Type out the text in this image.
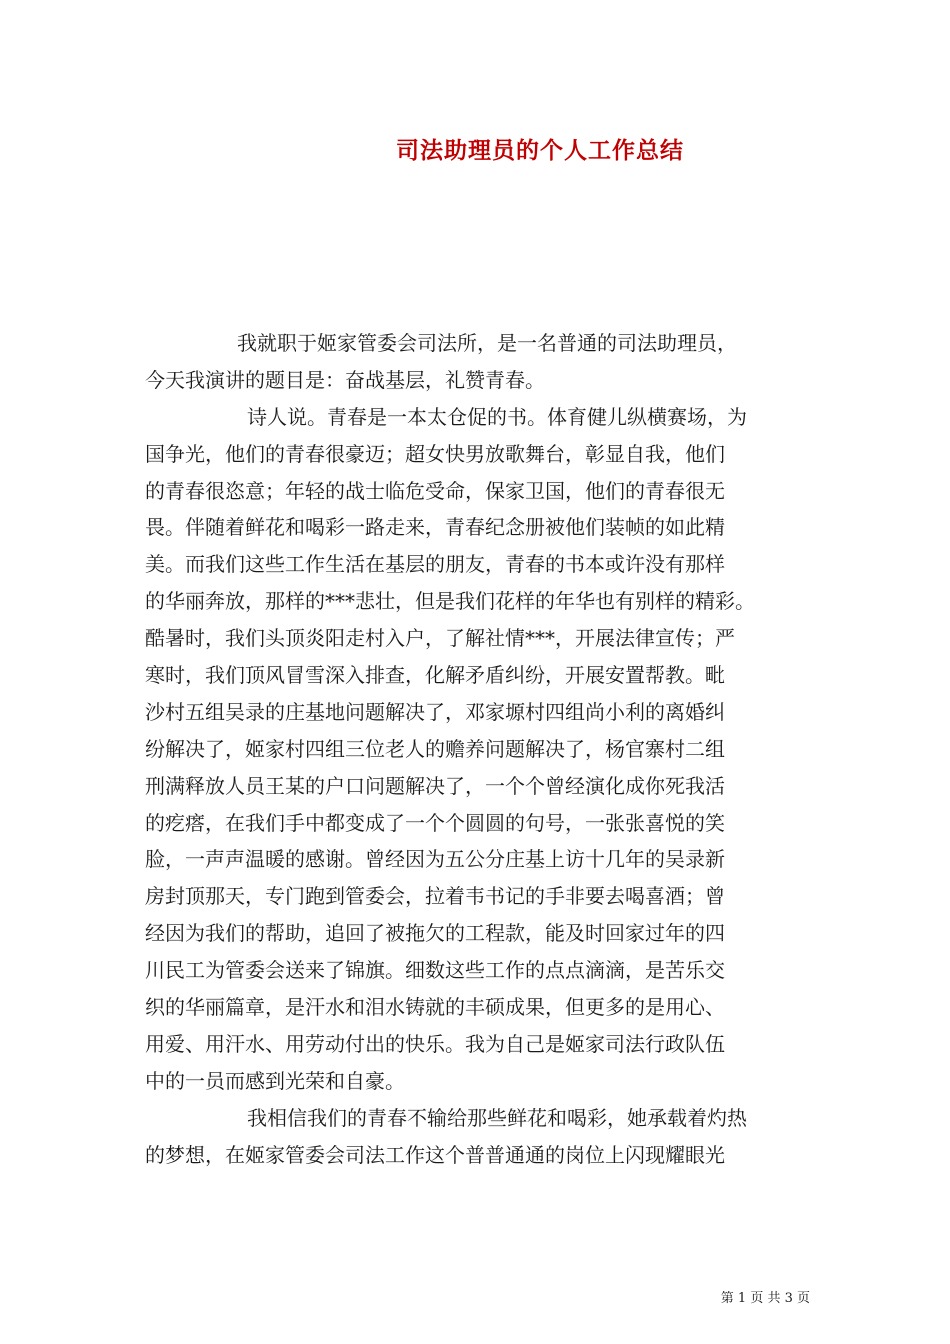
司法助理员的个人工作总结
我就职于姬家管委会司法所，是一名普通的司法助理员，
今天我演讲的题目是：奋战基层，礼赞青春。
诗人说。青春是一本太仓促的书。体育健儿纵横赛场，为
国争光，他们的青春很豪迈；超女快男放歌舞台，彰显自我，他们
的青春很恣意；年轻的战士临危受命，保家卫国，他们的青春很无
畏。伴随着鲜花和喝彩一路走来，青春纪念册被他们装帧的如此精
美。而我们这些工作生活在基层的朋友，青春的书本或许没有那样
的华丽奔放，那样的***悲壮，但是我们花样的年华也有别样的精彩。
酷暑时，我们头顶炎阳走村入户，了解社情***，开展法律宣传；严
寒时，我们顶风冒雪深入排查，化解矛盾纠纷，开展安置帮教。毗
沙村五组吴录的庄基地问题解决了，邓家塬村四组尚小利的离婚纠
纷解决了，姬家村四组三位老人的赡养问题解决了，杨官寨村二组
刑满释放人员王某的户口问题解决了，一个个曾经演化成你死我活
的疙瘩，在我们手中都变成了一个个圆圆的句号，一张张喜悦的笑
脸，一声声温暖的感谢。曾经因为五公分庄基上访十几年的吴录新
房封顶那天，专门跑到管委会，拉着韦书记的手非要去喝喜酒；曾
经因为我们的帮助，追回了被拖欠的工程款，能及时回家过年的四
川民工为管委会送来了锦旗。细数这些工作的点点滴滴，是苦乐交
织的华丽篇章，是汗水和泪水铸就的丰硕成果，但更多的是用心、
用爱、用汗水、用劳动付出的快乐。我为自己是姬家司法行政队伍
中的一员而感到光荣和自豪。
我相信我们的青春不输给那些鲜花和喝彩，她承载着灼热
的梦想，在姬家管委会司法工作这个普普通通的岗位上闪现耀眼光
第 1 页 共 3 页
